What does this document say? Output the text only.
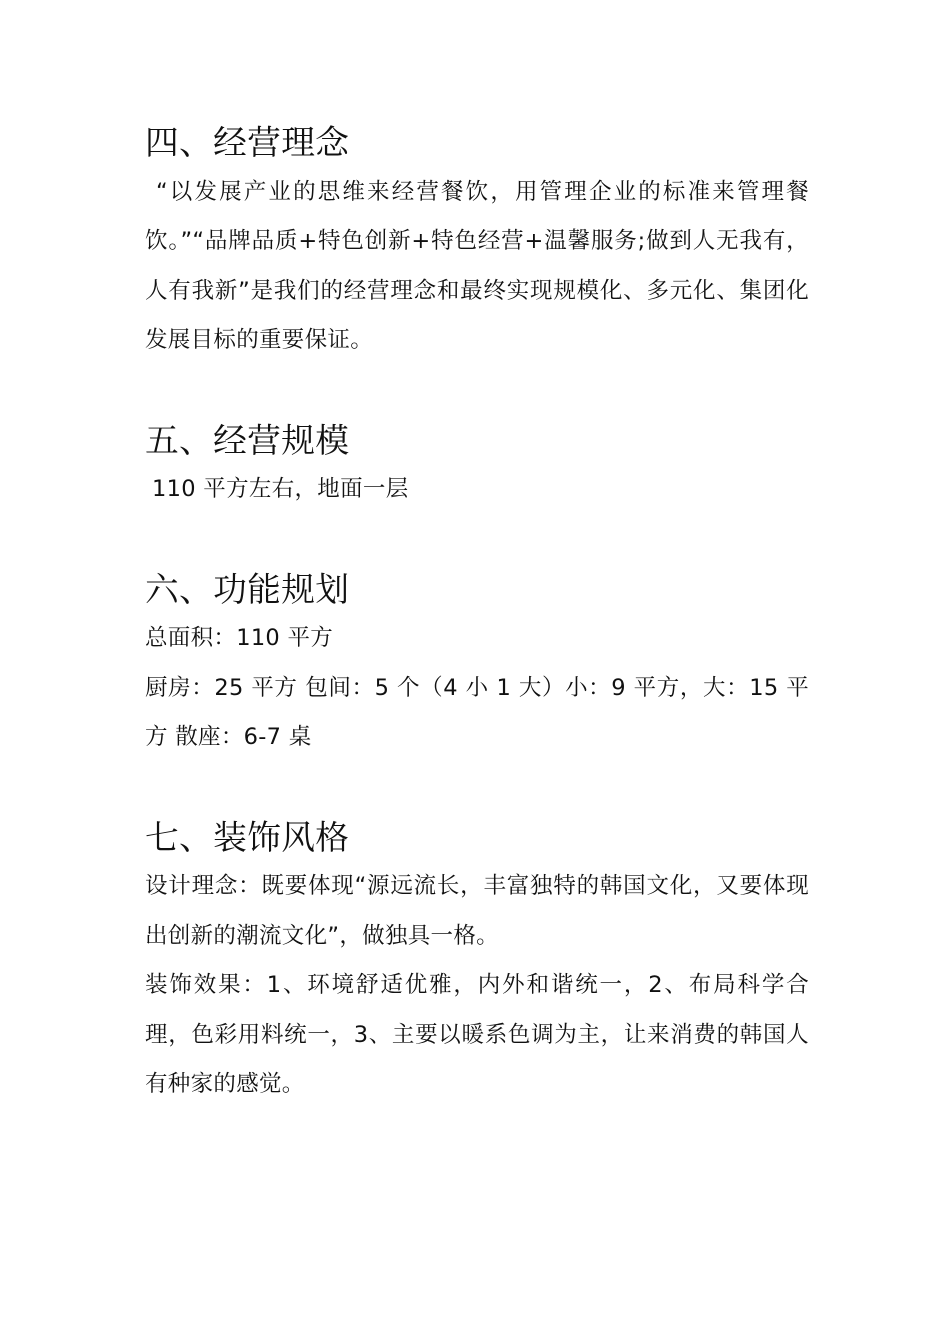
四、经营理念

“以发展产业的思维来经营餐饮，用管理企业的标准来管理餐饮。”“品牌品质+特色创新+特色经营+温馨服务;做到人无我有，人有我新”是我们的经营理念和最终实现规模化、多元化、集团化发展目标的重要保证。

五、经营规模

110 平方左右，地面一层

六、功能规划

总面积：110 平方

厨房：25 平方 包间：5 个（4 小 1 大）小：9 平方，大：15 平方 散座：6-7 桌

七、装饰风格

设计理念：既要体现“源远流长，丰富独特的韩国文化，又要体现出创新的潮流文化”，做独具一格。

装饰效果：1、环境舒适优雅，内外和谐统一，2、布局科学合理，色彩用料统一，3、主要以暖系色调为主，让来消费的韩国人有种家的感觉。
